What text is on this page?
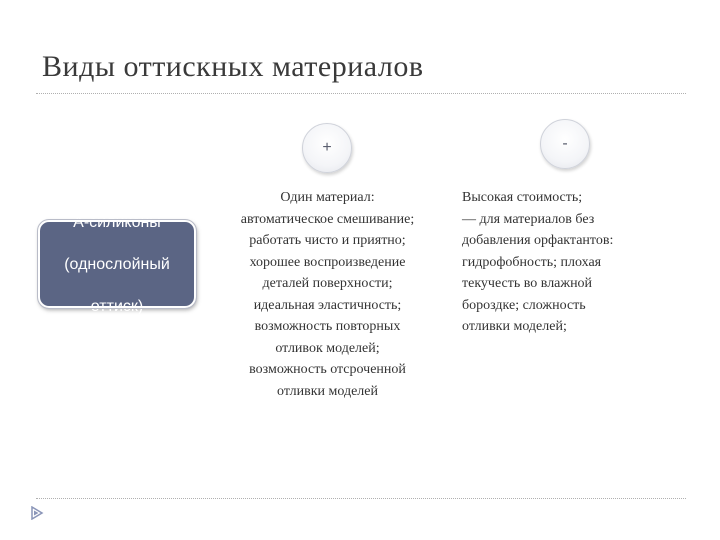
Виды оттискных материалов
+	-

А-силиконы

(однослойный

оттиск)

Один материал:
автоматическое смешивание;
работать чисто и приятно;
хорошее воспроизведение
деталей поверхности;
идеальная эластичность;
возможность повторных
отливок моделей;
возможность отсроченной
отливки моделей
Высокая стоимость;
— для материалов без
добавления орфактантов:
гидрофобность; плохая
текучесть во влажной
бороздке; сложность
отливки моделей;
